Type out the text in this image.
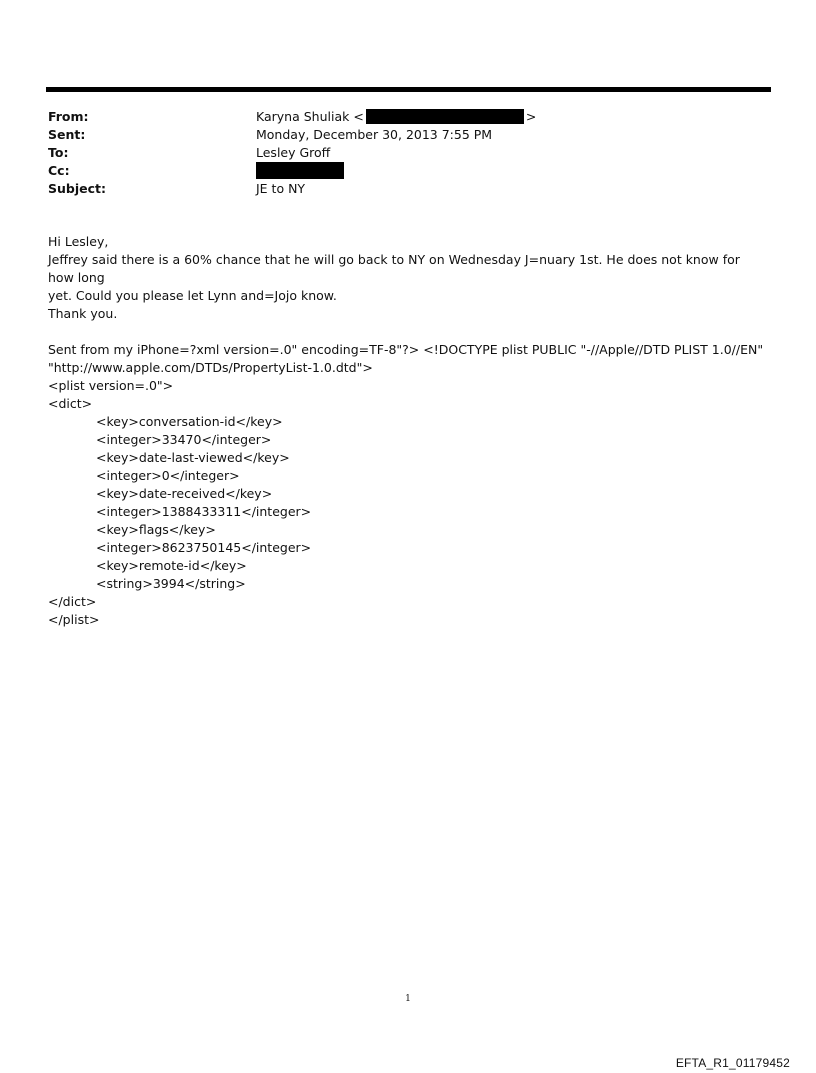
From:	Karyna Shuliak <	>
Sent:	Monday, December 30, 2013 7:55 PM
To:	Lesley Groff
Cc:
Subject:	JE to NY

Hi Lesley,

Jeffrey said there is a 60% chance that he will go back to NY on Wednesday J=nuary 1st. He does not know for how long

yet. Could you please let Lynn and=Jojo know.

Thank you.

Sent from my iPhone=?xml version=.0" encoding=TF-8"?> <!DOCTYPE plist PUBLIC "-//Apple//DTD PLIST 1.0//EN"

"http://www.apple.com/DTDs/PropertyList-1.0.dtd">

<plist version=.0">

<dict>

<key>conversation-id</key>

<integer>33470</integer>

<key>date-last-viewed</key>

<integer>0</integer>

<key>date-received</key>

<integer>1388433311</integer>

<key>flags</key>

<integer>8623750145</integer>

<key>remote-id</key>

<string>3994</string>

</dict>

</plist>

1
EFTA_R1_01179452
